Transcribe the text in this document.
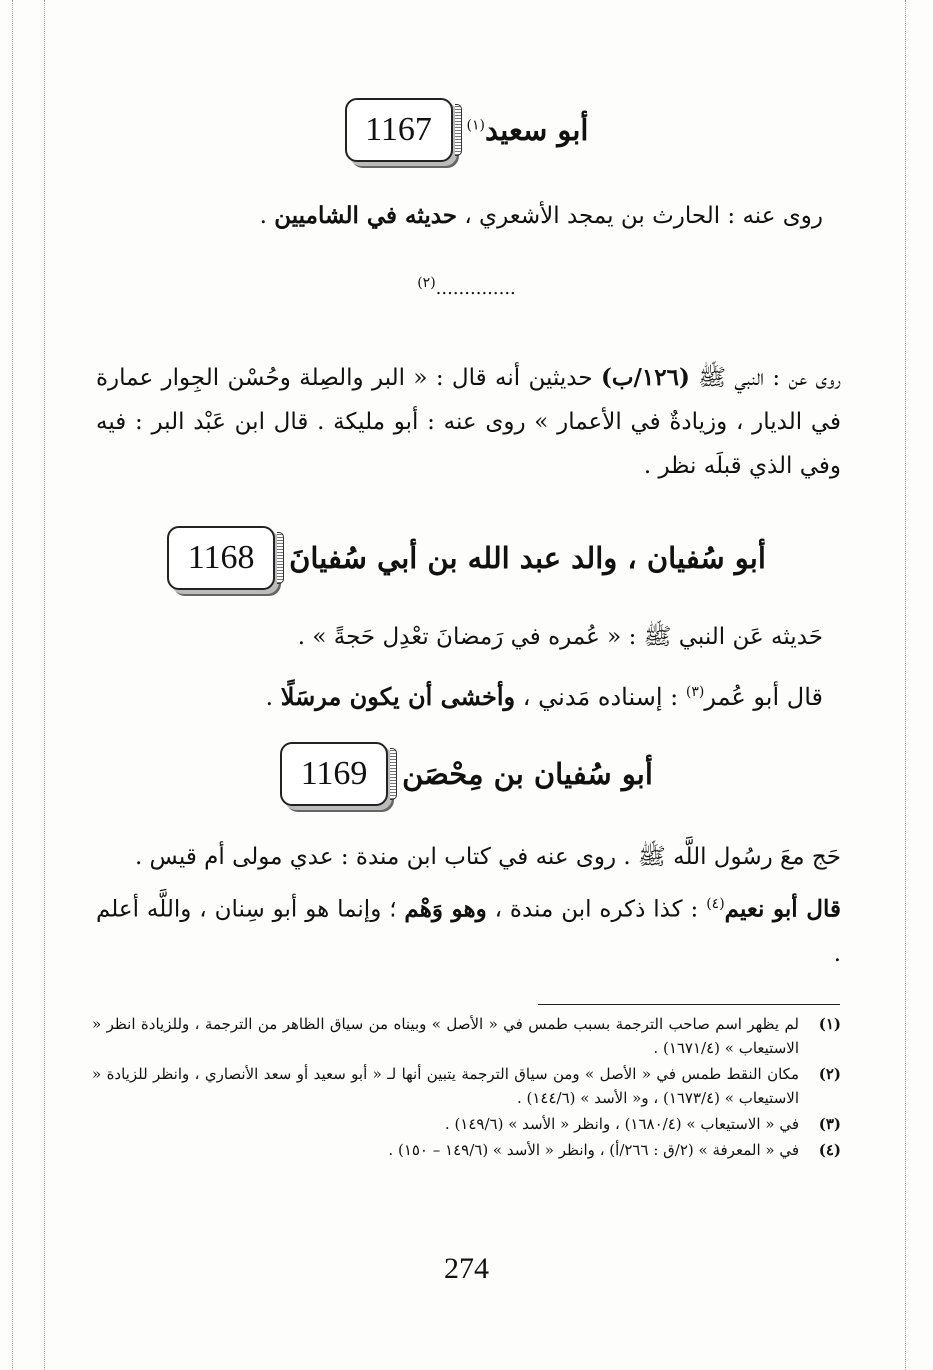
أبو سعيد$^{(١)}$
1167
روى عنه : الحارث بن يمجد الأشعري ، حديثه في الشاميين .
..............$^{(٢)}$
روى عن : النبي ﷺ (١٢٦/ب) حديثين أنه قال : « البر والصِلة وحُسْن الجِوار عمارة في الديار ، وزيادةٌ في الأعمار » روى عنه : أبو مليكة . قال ابن عَبْد البر : فيه وفي الذي قبلَه نظر .
أبو سُفيان ، والد عبد الله بن أبي سُفيانَ
1168
حَديثه عَن النبي ﷺ : « عُمره في رَمضانَ تعْدِل حَجةً » .
قال أبو عُمر$^{(٣)}$ : إسناده مَدني ، وأخشى أن يكون مرسَلًا .
أبو سُفيان بن مِحْصَن
1169
حَج معَ رسُول اللَّه ﷺ . روى عنه في كتاب ابن مندة : عدي مولى أم قيس .
قال أبو نعيم$^{(٤)}$ : كذا ذكره ابن مندة ، وهو وَهْم ؛ وإنما هو أبو سِنان ، واللَّه أعلم .
(١)
لم يظهر اسم صاحب الترجمة بسبب طمس في « الأصل » وبيناه من سياق الظاهر من الترجمة ، وللزيادة انظر « الاستيعاب » (١٦٧١/٤) .
(٢)
مكان النقط طمس في « الأصل » ومن سياق الترجمة يتبين أنها لـ « أبو سعيد أو سعد الأنصاري ، وانظر للزيادة « الاستيعاب » (١٦٧٣/٤) ، و« الأسد » (١٤٤/٦) .
(٣)
في « الاستيعاب » (١٦٨٠/٤) ، وانظر « الأسد » (١٤٩/٦) .
(٤)
في « المعرفة » (٢/ق : ٢٦٦/أ) ، وانظر « الأسد » (١٤٩/٦ – ١٥٠) .
274
